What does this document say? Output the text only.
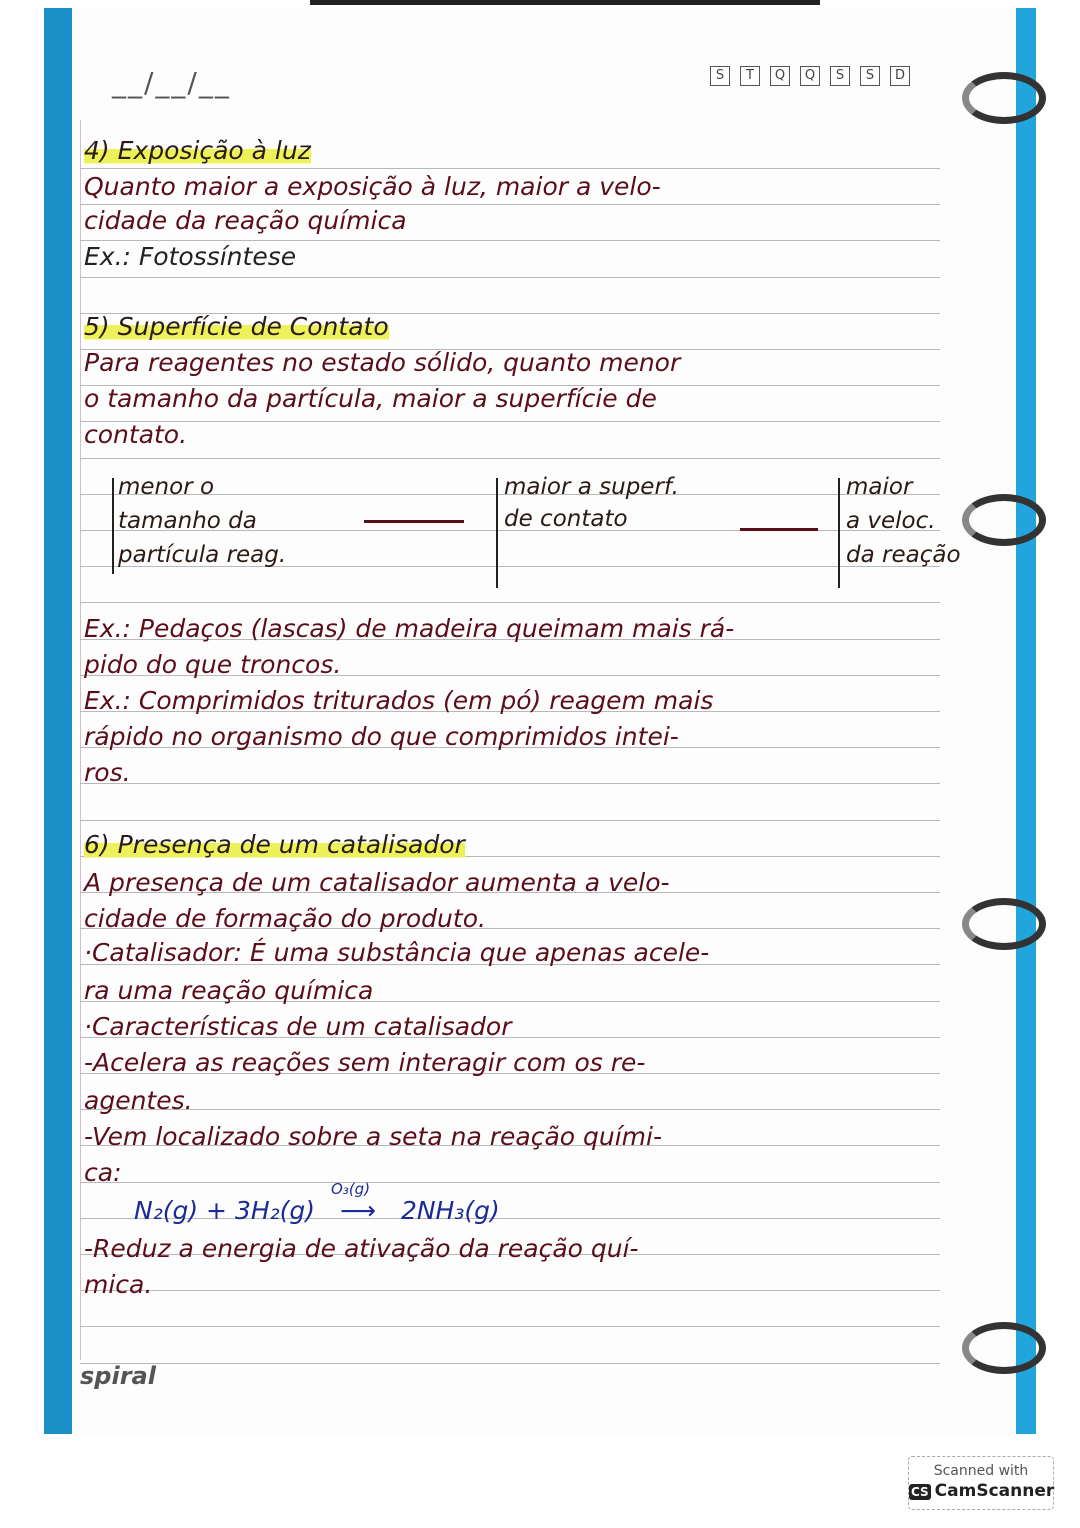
__/__/__	S	T	Q	Q	S	S	D
4) Exposição à luz
Quanto maior a exposição à luz, maior a velo-
cidade da reação química
Ex.: Fotossíntese
5) Superfície de Contato
Para reagentes no estado sólido, quanto menor
o tamanho da partícula, maior a superfície de
contato.
menor o
tamanho da
partícula reag.
maior a superf.
de contato
maior
a veloc.
da reação
Ex.: Pedaços (lascas) de madeira queimam mais rá-
pido do que troncos.
Ex.: Comprimidos triturados (em pó) reagem mais
rápido no organismo do que comprimidos intei-
ros.
6) Presença de um catalisador
A presença de um catalisador aumenta a velo-
cidade de formação do produto.
·Catalisador: É uma substância que apenas acele-
ra uma reação química
·Características de um catalisador
-Acelera as reações sem interagir com os re-
agentes.
-Vem localizado sobre a seta na reação quími-
ca:
N₂(g) + 3H₂(g)
O₃(g)
⟶ 2NH₃(g)
-Reduz a energia de ativação da reação quí-
mica.
spiral
Scanned with
CS CamScanner
